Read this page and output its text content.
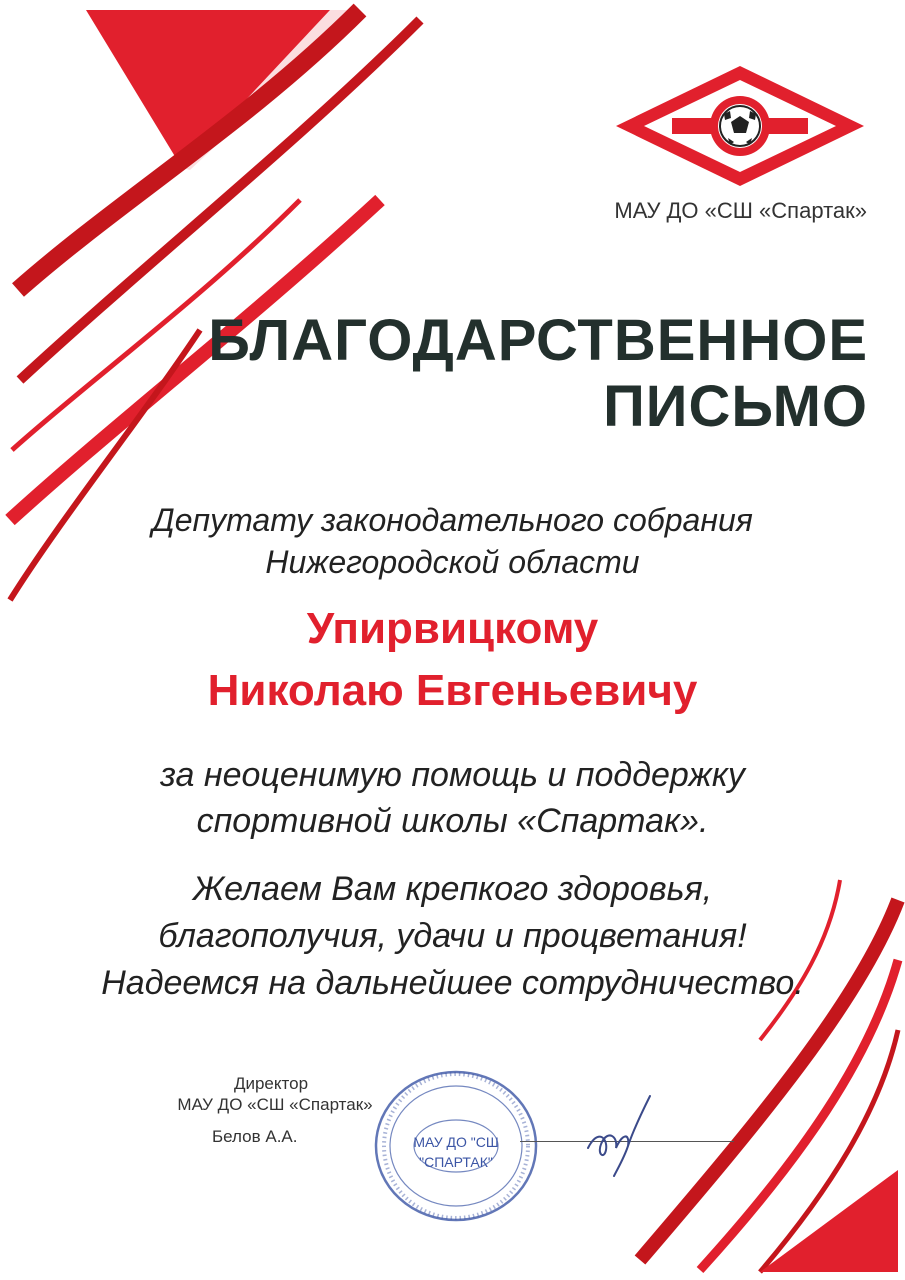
МАУ ДО «СШ «Спартак»
БЛАГОДАРСТВЕННОЕ
ПИСЬМО
Депутату законодательного собрания
Нижегородской области
Упирвицкому
Николаю Евгеньевичу
за неоценимую помощь и поддержку
спортивной школы «Спартак».
Желаем Вам крепкого здоровья,
благополучия, удачи и процветания!
Надеемся на дальнейшее сотрудничество.
Директор
МАУ ДО «СШ «Спартак»
Белов А.А.	МАУ ДО "СШ
"СПАРТАК"
